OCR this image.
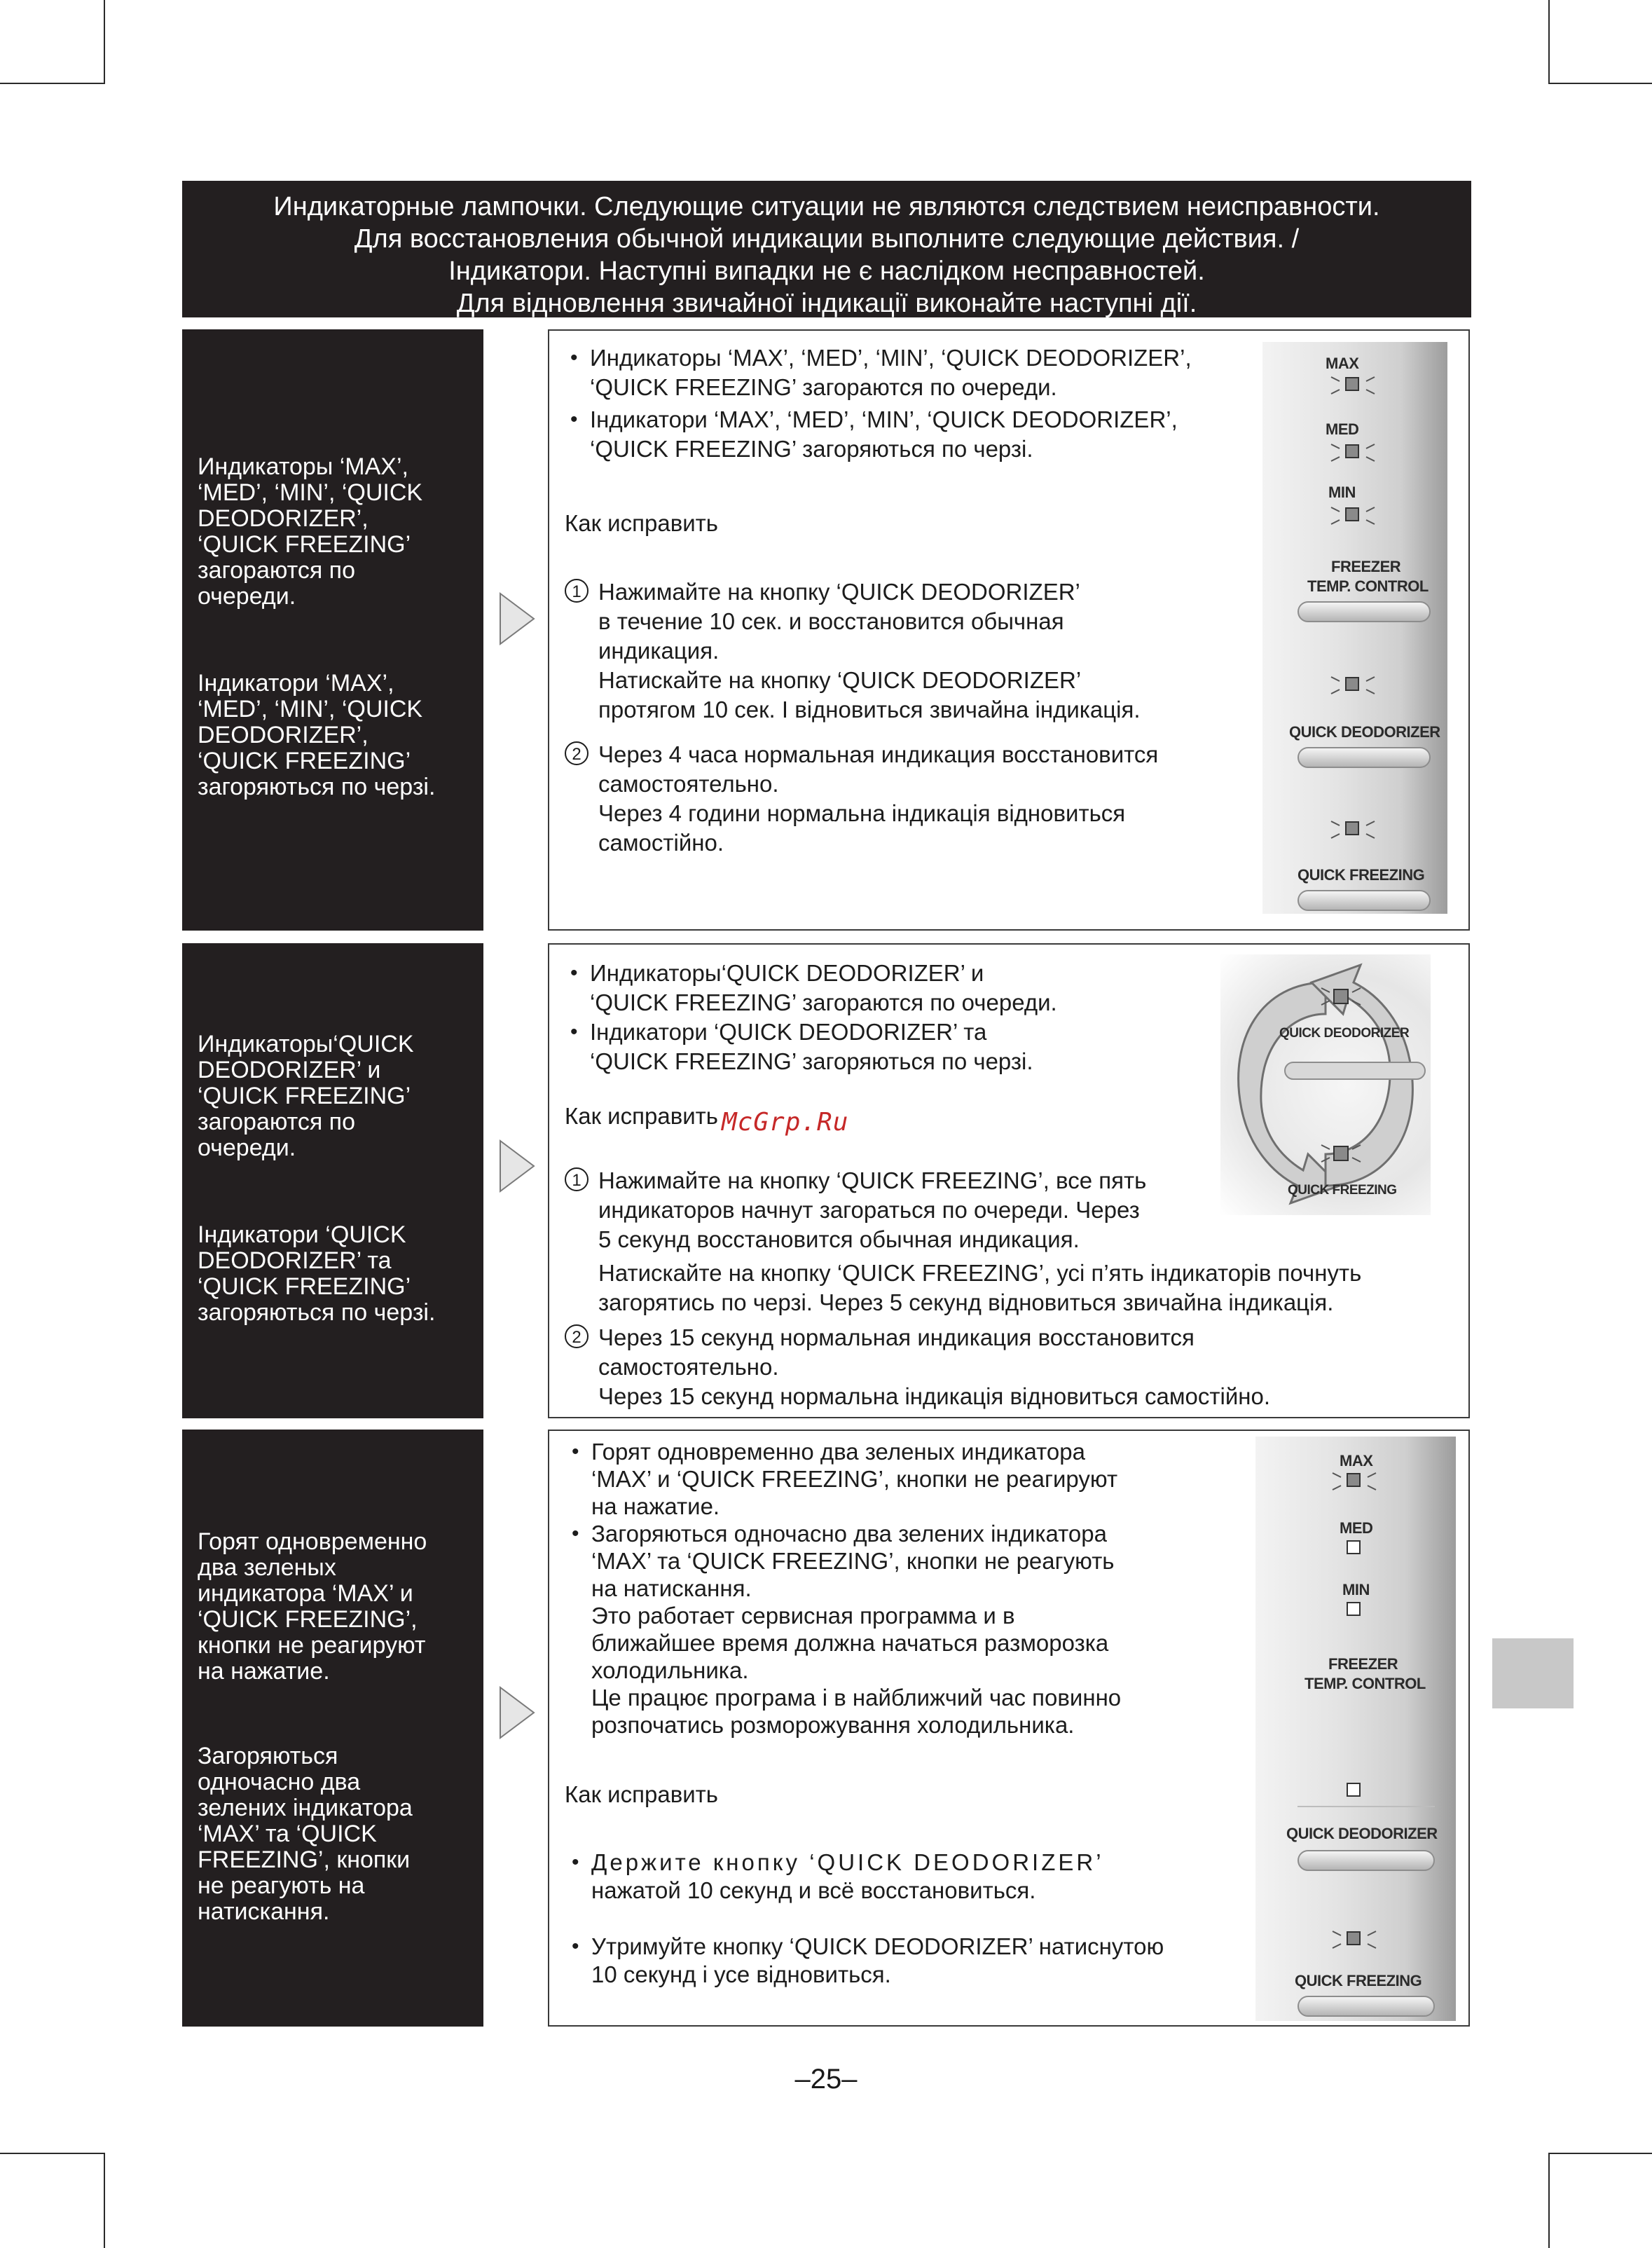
Индикаторные лампочки. Следующие ситуации не являются следствием неисправности.
Для восстановления обычной индикации выполните следующие действия. /
Індикатори. Наступні випадки не є наслідком несправностей.
Для відновлення звичайної індикації виконайте наступні дії.

Индикаторы ‘MAX’,

‘MED’, ‘MIN’, ‘QUICK

DEODORIZER’,

‘QUICK FREEZING’

загораются по

очереди.

Індикатори ‘MAX’,

‘MED’, ‘MIN’, ‘QUICK

DEODORIZER’,

‘QUICK FREEZING’

загоряються по черзі.

• Индикаторы ‘MAX’, ‘MED’, ‘MIN’, ‘QUICK DEODORIZER’,
‘QUICK FREEZING’ загораются по очереди.
• Індикатори ‘MAX’, ‘MED’, ‘MIN’, ‘QUICK DEODORIZER’,
‘QUICK FREEZING’ загоряються по черзі.
Как исправить
1 Нажимайте на кнопку ‘QUICK DEODORIZER’
в течение 10 сек. и восстановится обычная
индикация.
Натискайте на кнопку ‘QUICK DEODORIZER’
протягом 10 сек. І відновиться звичайна індикація.
2 Через 4 часа нормальная индикация восстановится
самостоятельно.
Через 4 години нормальна індикація відновиться
самостійно.
MAX
MED
MIN
FREEZER
TEMP. CONTROL
QUICK DEODORIZER
QUICK FREEZING

Индикаторы‘QUICK

DEODORIZER’ и

‘QUICK FREEZING’

загораются по

очереди.

Індикатори ‘QUICK

DEODORIZER’ та

‘QUICK FREEZING’

загоряються по черзі.

• Индикаторы‘QUICK DEODORIZER’ и
‘QUICK FREEZING’ загораются по очереди.
• Індикатори ‘QUICK DEODORIZER’ та
‘QUICK FREEZING’ загоряються по черзі.
Как исправить
1 Нажимайте на кнопку ‘QUICK FREEZING’, все пять
индикаторов начнут загораться по очереди. Через
5 секунд восстановится обычная индикация.
Натискайте на кнопку ‘QUICK FREEZING’, усі п’ять індикаторів почнуть
загорятись по черзі. Через 5 секунд відновиться звичайна індикація.
2 Через 15 секунд нормальная индикация восстановится
самостоятельно.
Через 15 секунд нормальна індикація відновиться самостійно.
QUICK DEODORIZER
QUICK FREEZING
McGrp.Ru

Горят одновременно

два зеленых

индикатора ‘MAX’ и

‘QUICK FREEZING’,

кнопки не реагируют

на нажатие.

Загоряються

одночасно два

зелених індикатора

‘MAX’ та ‘QUICK

FREEZING’, кнопки

не реагують на

натискання.

• Горят одновременно два зеленых индикатора
‘MAX’ и ‘QUICK FREEZING’, кнопки не реагируют
на нажатие.
• Загоряються одночасно два зелених індикатора
‘MAX’ та ‘QUICK FREEZING’, кнопки не реагують
на натискання.
Это работает сервисная программа и в
ближайшее время должна начаться разморозка
холодильника.
Це працює програма і в найближчий час повинно
розпочатись розморожування холодильника.
Как исправить
• Держите кнопку ‘QUICK DEODORIZER’
нажатой 10 секунд и всё восстановиться.
• Утримуйте кнопку ‘QUICK DEODORIZER’ натиснутою
10 секунд і усе відновиться.
MAX
MED
MIN
FREEZER
TEMP. CONTROL
QUICK DEODORIZER
QUICK FREEZING
–25–
